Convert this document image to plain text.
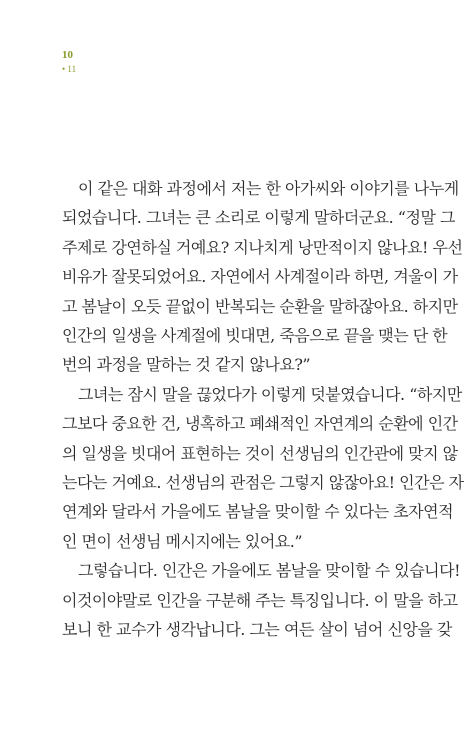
10
• 11

이 같은 대화 과정에서 저는 한 아가씨와 이야기를 나누게
되었습니다. 그녀는 큰 소리로 이렇게 말하더군요. “정말 그
주제로 강연하실 거예요? 지나치게 낭만적이지 않나요! 우선
비유가 잘못되었어요. 자연에서 사계절이라 하면, 겨울이 가
고 봄날이 오듯 끝없이 반복되는 순환을 말하잖아요. 하지만
인간의 일생을 사계절에 빗대면, 죽음으로 끝을 맺는 단 한
번의 과정을 말하는 것 같지 않나요?”

그녀는 잠시 말을 끊었다가 이렇게 덧붙였습니다. “하지만
그보다 중요한 건, 냉혹하고 폐쇄적인 자연계의 순환에 인간
의 일생을 빗대어 표현하는 것이 선생님의 인간관에 맞지 않
는다는 거예요. 선생님의 관점은 그렇지 않잖아요! 인간은 자
연계와 달라서 가을에도 봄날을 맞이할 수 있다는 초자연적
인 면이 선생님 메시지에는 있어요.”

그렇습니다. 인간은 가을에도 봄날을 맞이할 수 있습니다!
이것이야말로 인간을 구분해 주는 특징입니다. 이 말을 하고
보니 한 교수가 생각납니다. 그는 여든 살이 넘어 신앙을 갖
